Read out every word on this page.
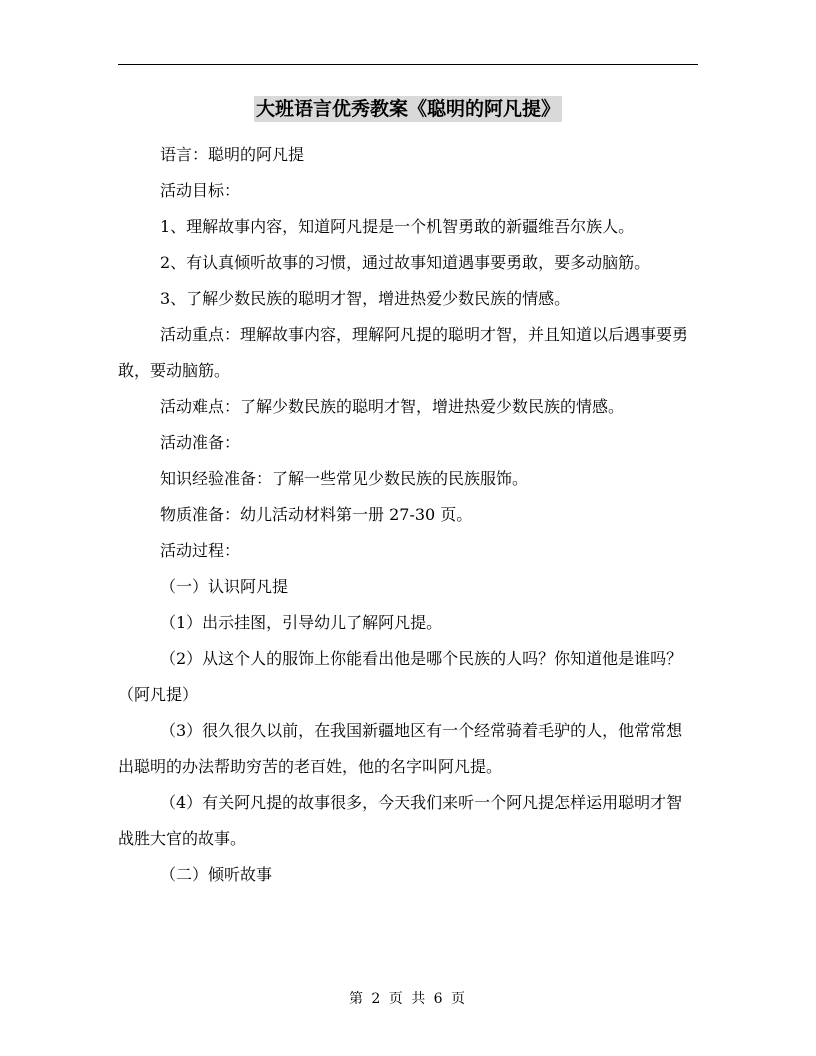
大班语言优秀教案《聪明的阿凡提》

语言：聪明的阿凡提

活动目标：

1、理解故事内容，知道阿凡提是一个机智勇敢的新疆维吾尔族人。

2、有认真倾听故事的习惯，通过故事知道遇事要勇敢，要多动脑筋。

3、了解少数民族的聪明才智，增进热爱少数民族的情感。

活动重点：理解故事内容，理解阿凡提的聪明才智，并且知道以后遇事要勇敢，要动脑筋。

活动难点：了解少数民族的聪明才智，增进热爱少数民族的情感。

活动准备：

知识经验准备：了解一些常见少数民族的民族服饰。

物质准备：幼儿活动材料第一册 27-30 页。

活动过程：

（一）认识阿凡提

（1）出示挂图，引导幼儿了解阿凡提。

（2）从这个人的服饰上你能看出他是哪个民族的人吗？你知道他是谁吗？（阿凡提）

（3）很久很久以前，在我国新疆地区有一个经常骑着毛驴的人，他常常想出聪明的办法帮助穷苦的老百姓，他的名字叫阿凡提。

（4）有关阿凡提的故事很多，今天我们来听一个阿凡提怎样运用聪明才智战胜大官的故事。

（二）倾听故事

第 2 页 共 6 页
